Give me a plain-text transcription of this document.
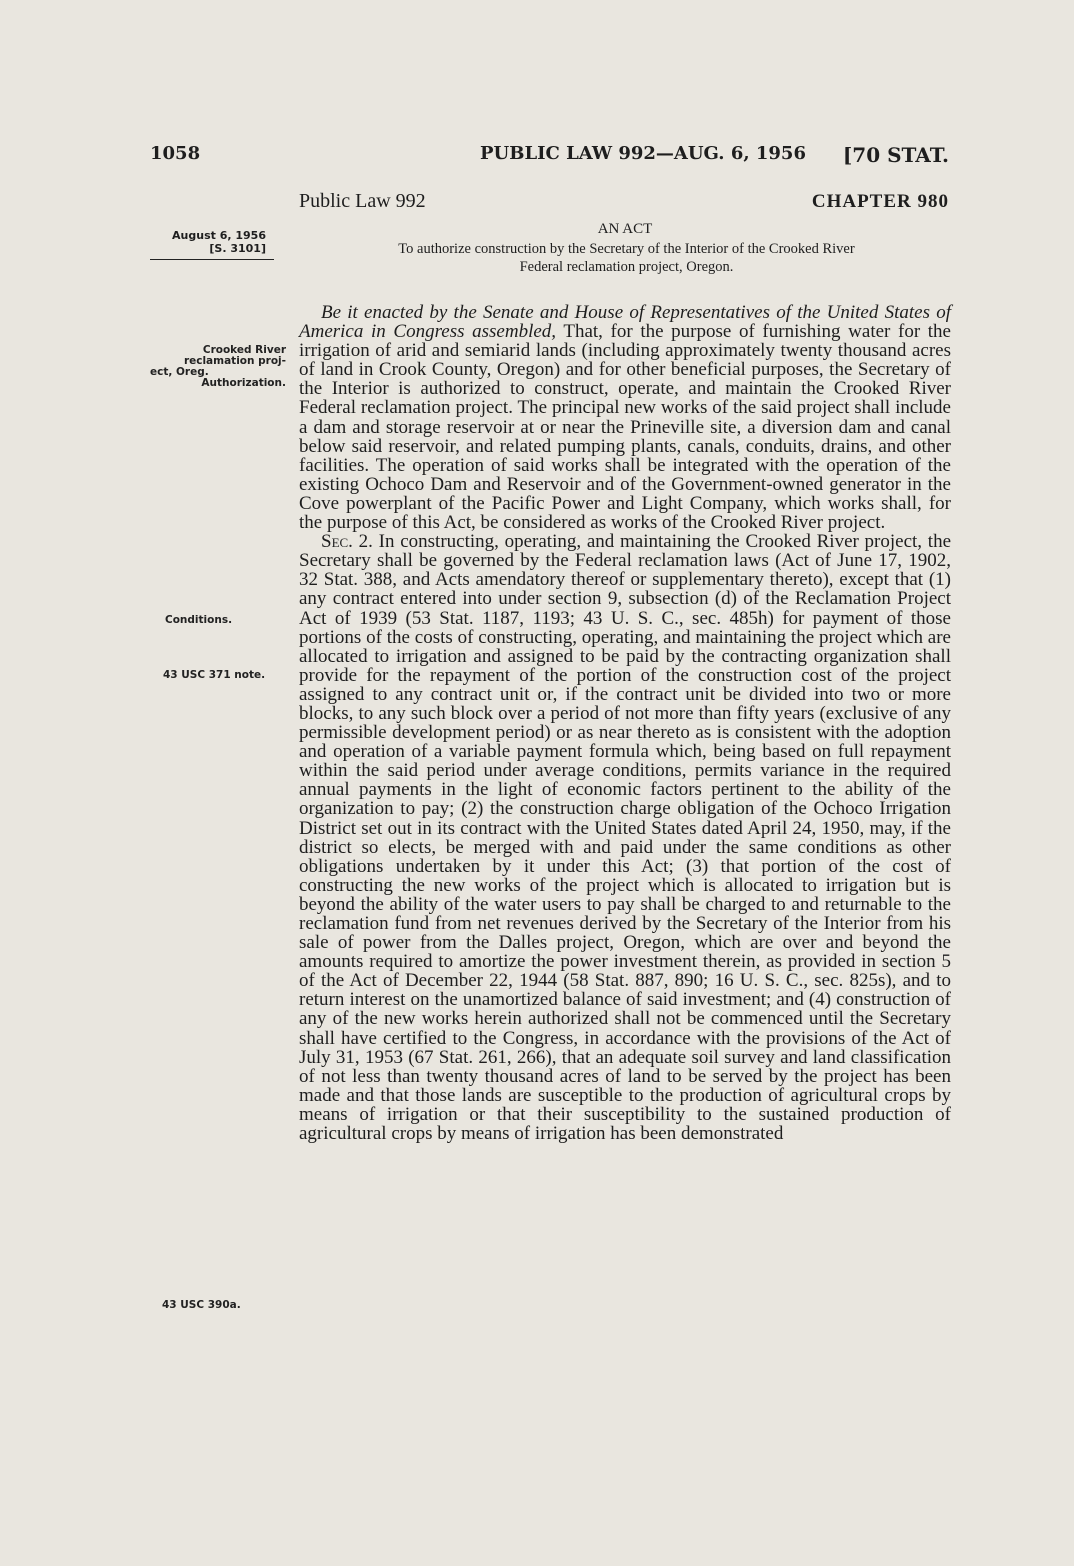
1058	PUBLIC LAW 992—AUG. 6, 1956 [70 STAT.
Public Law 992	CHAPTER 980
AN ACT
August 6, 1956
[S. 3101]	To authorize construction by the Secretary of the Interior of the Crooked River
Federal reclamation project, Oregon.
Crooked River
reclamation proj-
ect, Oreg.
Authorization.
Conditions.
43 USC 371 note.
43 USC 390a.

Be it enacted by the Senate and House of Representatives of the United States of America in Congress assembled, That, for the purpose of furnishing water for the irrigation of arid and semiarid lands (including approximately twenty thousand acres of land in Crook County, Oregon) and for other beneficial purposes, the Secretary of the Interior is authorized to construct, operate, and maintain the Crooked River Federal reclamation project. The principal new works of the said project shall include a dam and storage reservoir at or near the Prineville site, a diversion dam and canal below said reservoir, and related pumping plants, canals, conduits, drains, and other facilities. The operation of said works shall be integrated with the operation of the existing Ochoco Dam and Reservoir and of the Government-owned generator in the Cove powerplant of the Pacific Power and Light Company, which works shall, for the purpose of this Act, be considered as works of the Crooked River project.

Sec. 2. In constructing, operating, and maintaining the Crooked River project, the Secretary shall be governed by the Federal reclamation laws (Act of June 17, 1902, 32 Stat. 388, and Acts amendatory thereof or supplementary thereto), except that (1) any contract entered into under section 9, subsection (d) of the Reclamation Project Act of 1939 (53 Stat. 1187, 1193; 43 U. S. C., sec. 485h) for payment of those portions of the costs of constructing, operating, and maintaining the project which are allocated to irrigation and assigned to be paid by the contracting organization shall provide for the repayment of the portion of the construction cost of the project assigned to any contract unit or, if the contract unit be divided into two or more blocks, to any such block over a period of not more than fifty years (exclusive of any permissible development period) or as near thereto as is consistent with the adoption and operation of a variable payment formula which, being based on full repayment within the said period under average conditions, permits variance in the required annual payments in the light of economic factors pertinent to the ability of the organization to pay; (2) the construction charge obligation of the Ochoco Irrigation District set out in its contract with the United States dated April 24, 1950, may, if the district so elects, be merged with and paid under the same conditions as other obligations undertaken by it under this Act; (3) that portion of the cost of constructing the new works of the project which is allocated to irrigation but is beyond the ability of the water users to pay shall be charged to and returnable to the reclamation fund from net revenues derived by the Secretary of the Interior from his sale of power from the Dalles project, Oregon, which are over and beyond the amounts required to amortize the power investment therein, as provided in section 5 of the Act of December 22, 1944 (58 Stat. 887, 890; 16 U. S. C., sec. 825s), and to return interest on the unamortized balance of said investment; and (4) construction of any of the new works herein authorized shall not be commenced until the Secretary shall have certified to the Congress, in accordance with the provisions of the Act of July 31, 1953 (67 Stat. 261, 266), that an adequate soil survey and land classification of not less than twenty thousand acres of land to be served by the project has been made and that those lands are susceptible to the production of agricultural crops by means of irrigation or that their susceptibility to the sustained production of agricultural crops by means of irrigation has been demonstrated
